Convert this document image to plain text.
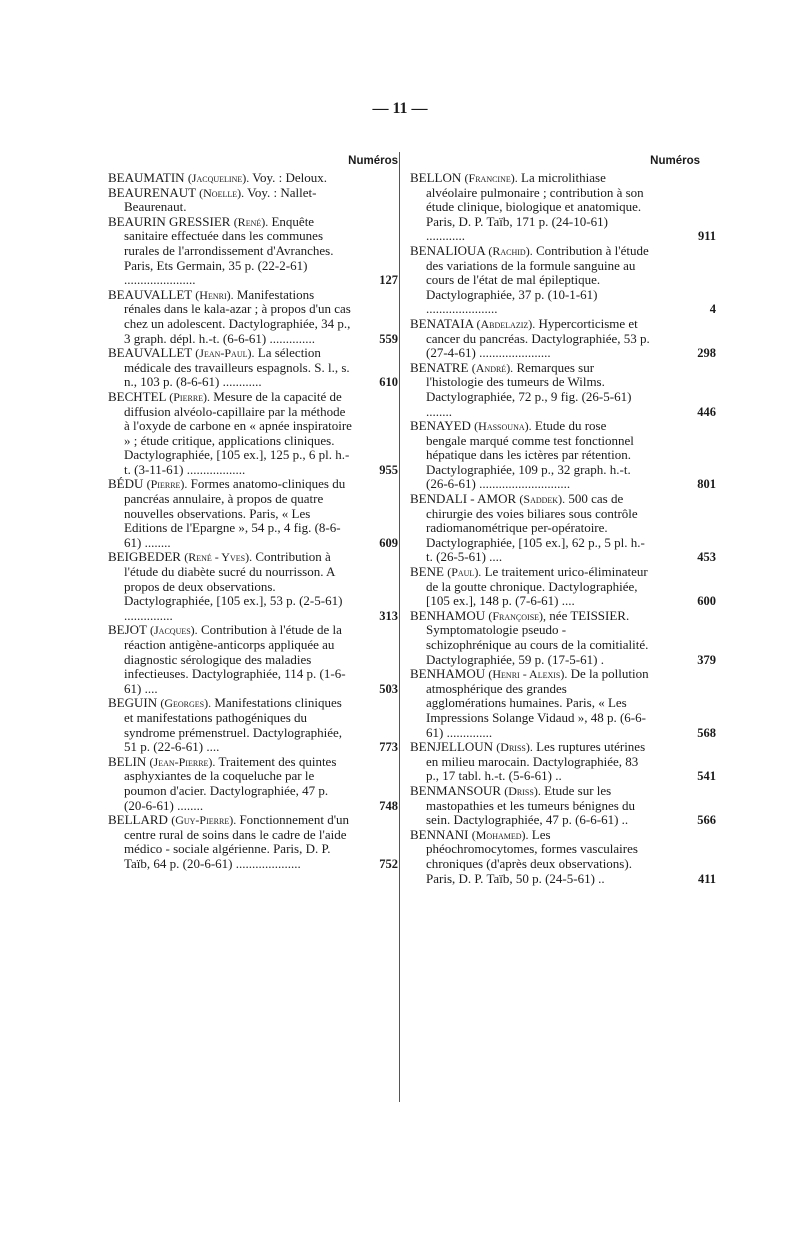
— 11 —
Numéros
BEAUMATIN (Jacqueline). Voy. : Deloux.
BEAURENAUT (Noelle). Voy. : Nallet-Beaurenaut.
BEAURIN GRESSIER (René). Enquête sanitaire effectuée dans les communes rurales de l'arrondissement d'Avranches. Paris, Ets Germain, 35 p. (22-2-61) ......................	127
BEAUVALLET (Henri). Manifestations rénales dans le kala-azar ; à propos d'un cas chez un adolescent. Dactylographiée, 34 p., 3 graph. dépl. h.-t. (6-6-61) ..............	559
BEAUVALLET (Jean-Paul). La sélection médicale des travailleurs espagnols. S. l., s. n., 103 p. (8-6-61) ............	610
BECHTEL (Pierre). Mesure de la capacité de diffusion alvéolo-capillaire par la méthode à l'oxyde de carbone en « apnée inspiratoire » ; étude critique, applications cliniques. Dactylographiée, [105 ex.], 125 p., 6 pl. h.-t. (3-11-61) ..................	955
BÉDU (Pierre). Formes anatomo-cliniques du pancréas annulaire, à propos de quatre nouvelles observations. Paris, « Les Editions de l'Epargne », 54 p., 4 fig. (8-6-61) ........	609
BEIGBEDER (René - Yves). Contribution à l'étude du diabète sucré du nourrisson. A propos de deux observations. Dactylographiée, [105 ex.], 53 p. (2-5-61) ...............	313
BEJOT (Jacques). Contribution à l'étude de la réaction antigène-anticorps appliquée au diagnostic sérologique des maladies infectieuses. Dactylographiée, 114 p. (1-6-61) ....	503
BEGUIN (Georges). Manifestations cliniques et manifestations pathogéniques du syndrome prémenstruel. Dactylographiée, 51 p. (22-6-61) ....	773
BELIN (Jean-Pierre). Traitement des quintes asphyxiantes de la coqueluche par le poumon d'acier. Dactylographiée, 47 p. (20-6-61) ........	748
BELLARD (Guy-Pierre). Fonctionnement d'un centre rural de soins dans le cadre de l'aide médico - sociale algérienne. Paris, D. P. Taïb, 64 p. (20-6-61) ....................	752
Numéros
BELLON (Francine). La microlithiase alvéolaire pulmonaire ; contribution à son étude clinique, biologique et anatomique. Paris, D. P. Taïb, 171 p. (24-10-61) ............	911
BENALIOUA (Rachid). Contribution à l'étude des variations de la formule sanguine au cours de l'état de mal épileptique. Dactylographiée, 37 p. (10-1-61) ......................	4
BENATAIA (Abdelaziz). Hypercorticisme et cancer du pancréas. Dactylographiée, 53 p. (27-4-61) ......................	298
BENATRE (André). Remarques sur l'histologie des tumeurs de Wilms. Dactylographiée, 72 p., 9 fig. (26-5-61) ........	446
BENAYED (Hassouna). Etude du rose bengale marqué comme test fonctionnel hépatique dans les ictères par rétention. Dactylographiée, 109 p., 32 graph. h.-t. (26-6-61) ............................	801
BENDALI - AMOR (Saddek). 500 cas de chirurgie des voies biliares sous contrôle radiomanométrique per-opératoire. Dactylographiée, [105 ex.], 62 p., 5 pl. h.-t. (26-5-61) ....	453
BENE (Paul). Le traitement urico-éliminateur de la goutte chronique. Dactylographiée, [105 ex.], 148 p. (7-6-61) ....	600
BENHAMOU (Françoise), née TEISSIER. Symptomatologie pseudo - schizophrénique au cours de la comitialité. Dactylographiée, 59 p. (17-5-61) .	379
BENHAMOU (Henri - Alexis). De la pollution atmosphérique des grandes agglomérations humaines. Paris, « Les Impressions Solange Vidaud », 48 p. (6-6-61) ..............	568
BENJELLOUN (Driss). Les ruptures utérines en milieu marocain. Dactylographiée, 83 p., 17 tabl. h.-t. (5-6-61) ..	541
BENMANSOUR (Driss). Etude sur les mastopathies et les tumeurs bénignes du sein. Dactylographiée, 47 p. (6-6-61) ..	566
BENNANI (Mohamed). Les phéochromocytomes, formes vasculaires chroniques (d'après deux observations). Paris, D. P. Taïb, 50 p. (24-5-61) ..	411
